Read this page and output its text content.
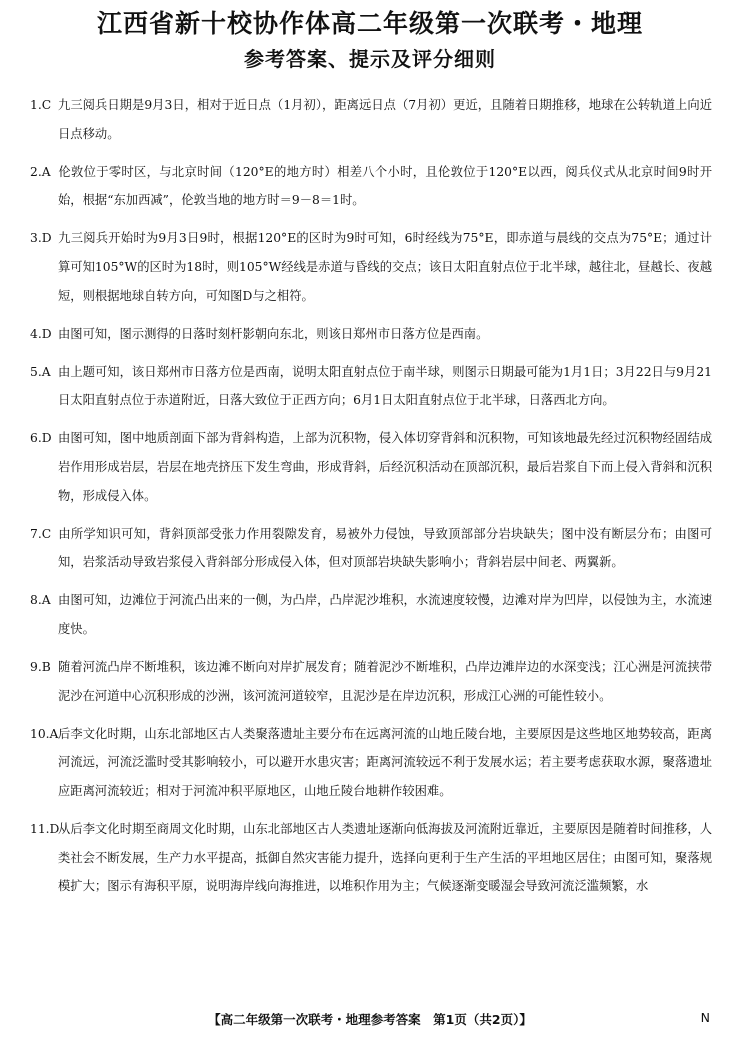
江西省新十校协作体高二年级第一次联考・地理
参考答案、提示及评分细则

1.C 九三阅兵日期是9月3日，相对于近日点（1月初），距离远日点（7月初）更近，且随着日期推移，地球在公转轨道上向近日点移动。

2.A 伦敦位于零时区，与北京时间（120°E的地方时）相差八个小时，且伦敦位于120°E以西，阅兵仪式从北京时间9时开始，根据“东加西减”，伦敦当地的地方时＝9－8＝1时。

3.D 九三阅兵开始时为9月3日9时，根据120°E的区时为9时可知，6时经线为75°E，即赤道与晨线的交点为75°E；通过计算可知105°W的区时为18时，则105°W经线是赤道与昏线的交点；该日太阳直射点位于北半球，越往北，昼越长、夜越短，则根据地球自转方向，可知图D与之相符。

4.D 由图可知，图示测得的日落时刻杆影朝向东北，则该日郑州市日落方位是西南。

5.A 由上题可知，该日郑州市日落方位是西南，说明太阳直射点位于南半球，则图示日期最可能为1月1日；3月22日与9月21日太阳直射点位于赤道附近，日落大致位于正西方向；6月1日太阳直射点位于北半球，日落西北方向。

6.D 由图可知，图中地质剖面下部为背斜构造，上部为沉积物，侵入体切穿背斜和沉积物，可知该地最先经过沉积物经固结成岩作用形成岩层，岩层在地壳挤压下发生弯曲，形成背斜，后经沉积活动在顶部沉积，最后岩浆自下而上侵入背斜和沉积物，形成侵入体。

7.C 由所学知识可知，背斜顶部受张力作用裂隙发育，易被外力侵蚀，导致顶部部分岩块缺失；图中没有断层分布；由图可知，岩浆活动导致岩浆侵入背斜部分形成侵入体，但对顶部岩块缺失影响小；背斜岩层中间老、两翼新。

8.A 由图可知，边滩位于河流凸出来的一侧，为凸岸，凸岸泥沙堆积，水流速度较慢，边滩对岸为凹岸，以侵蚀为主，水流速度快。

9.B 随着河流凸岸不断堆积，该边滩不断向对岸扩展发育；随着泥沙不断堆积，凸岸边滩岸边的水深变浅；江心洲是河流挟带泥沙在河道中心沉积形成的沙洲，该河流河道较窄，且泥沙是在岸边沉积，形成江心洲的可能性较小。

10.A后李文化时期，山东北部地区古人类聚落遗址主要分布在远离河流的山地丘陵台地，主要原因是这些地区地势较高，距离河流远，河流泛滥时受其影响较小，可以避开水患灾害；距离河流较远不利于发展水运；若主要考虑获取水源，聚落遗址应距离河流较近；相对于河流冲积平原地区，山地丘陵台地耕作较困难。

11.D从后李文化时期至商周文化时期，山东北部地区古人类遗址逐渐向低海拔及河流附近靠近，主要原因是随着时间推移，人类社会不断发展，生产力水平提高，抵御自然灾害能力提升，选择向更利于生产生活的平坦地区居住；由图可知，聚落规模扩大；图示有海积平原，说明海岸线向海推进，以堆积作用为主；气候逐渐变暖湿会导致河流泛滥频繁，水

【高二年级第一次联考・地理参考答案　第1页（共2页）】	N
